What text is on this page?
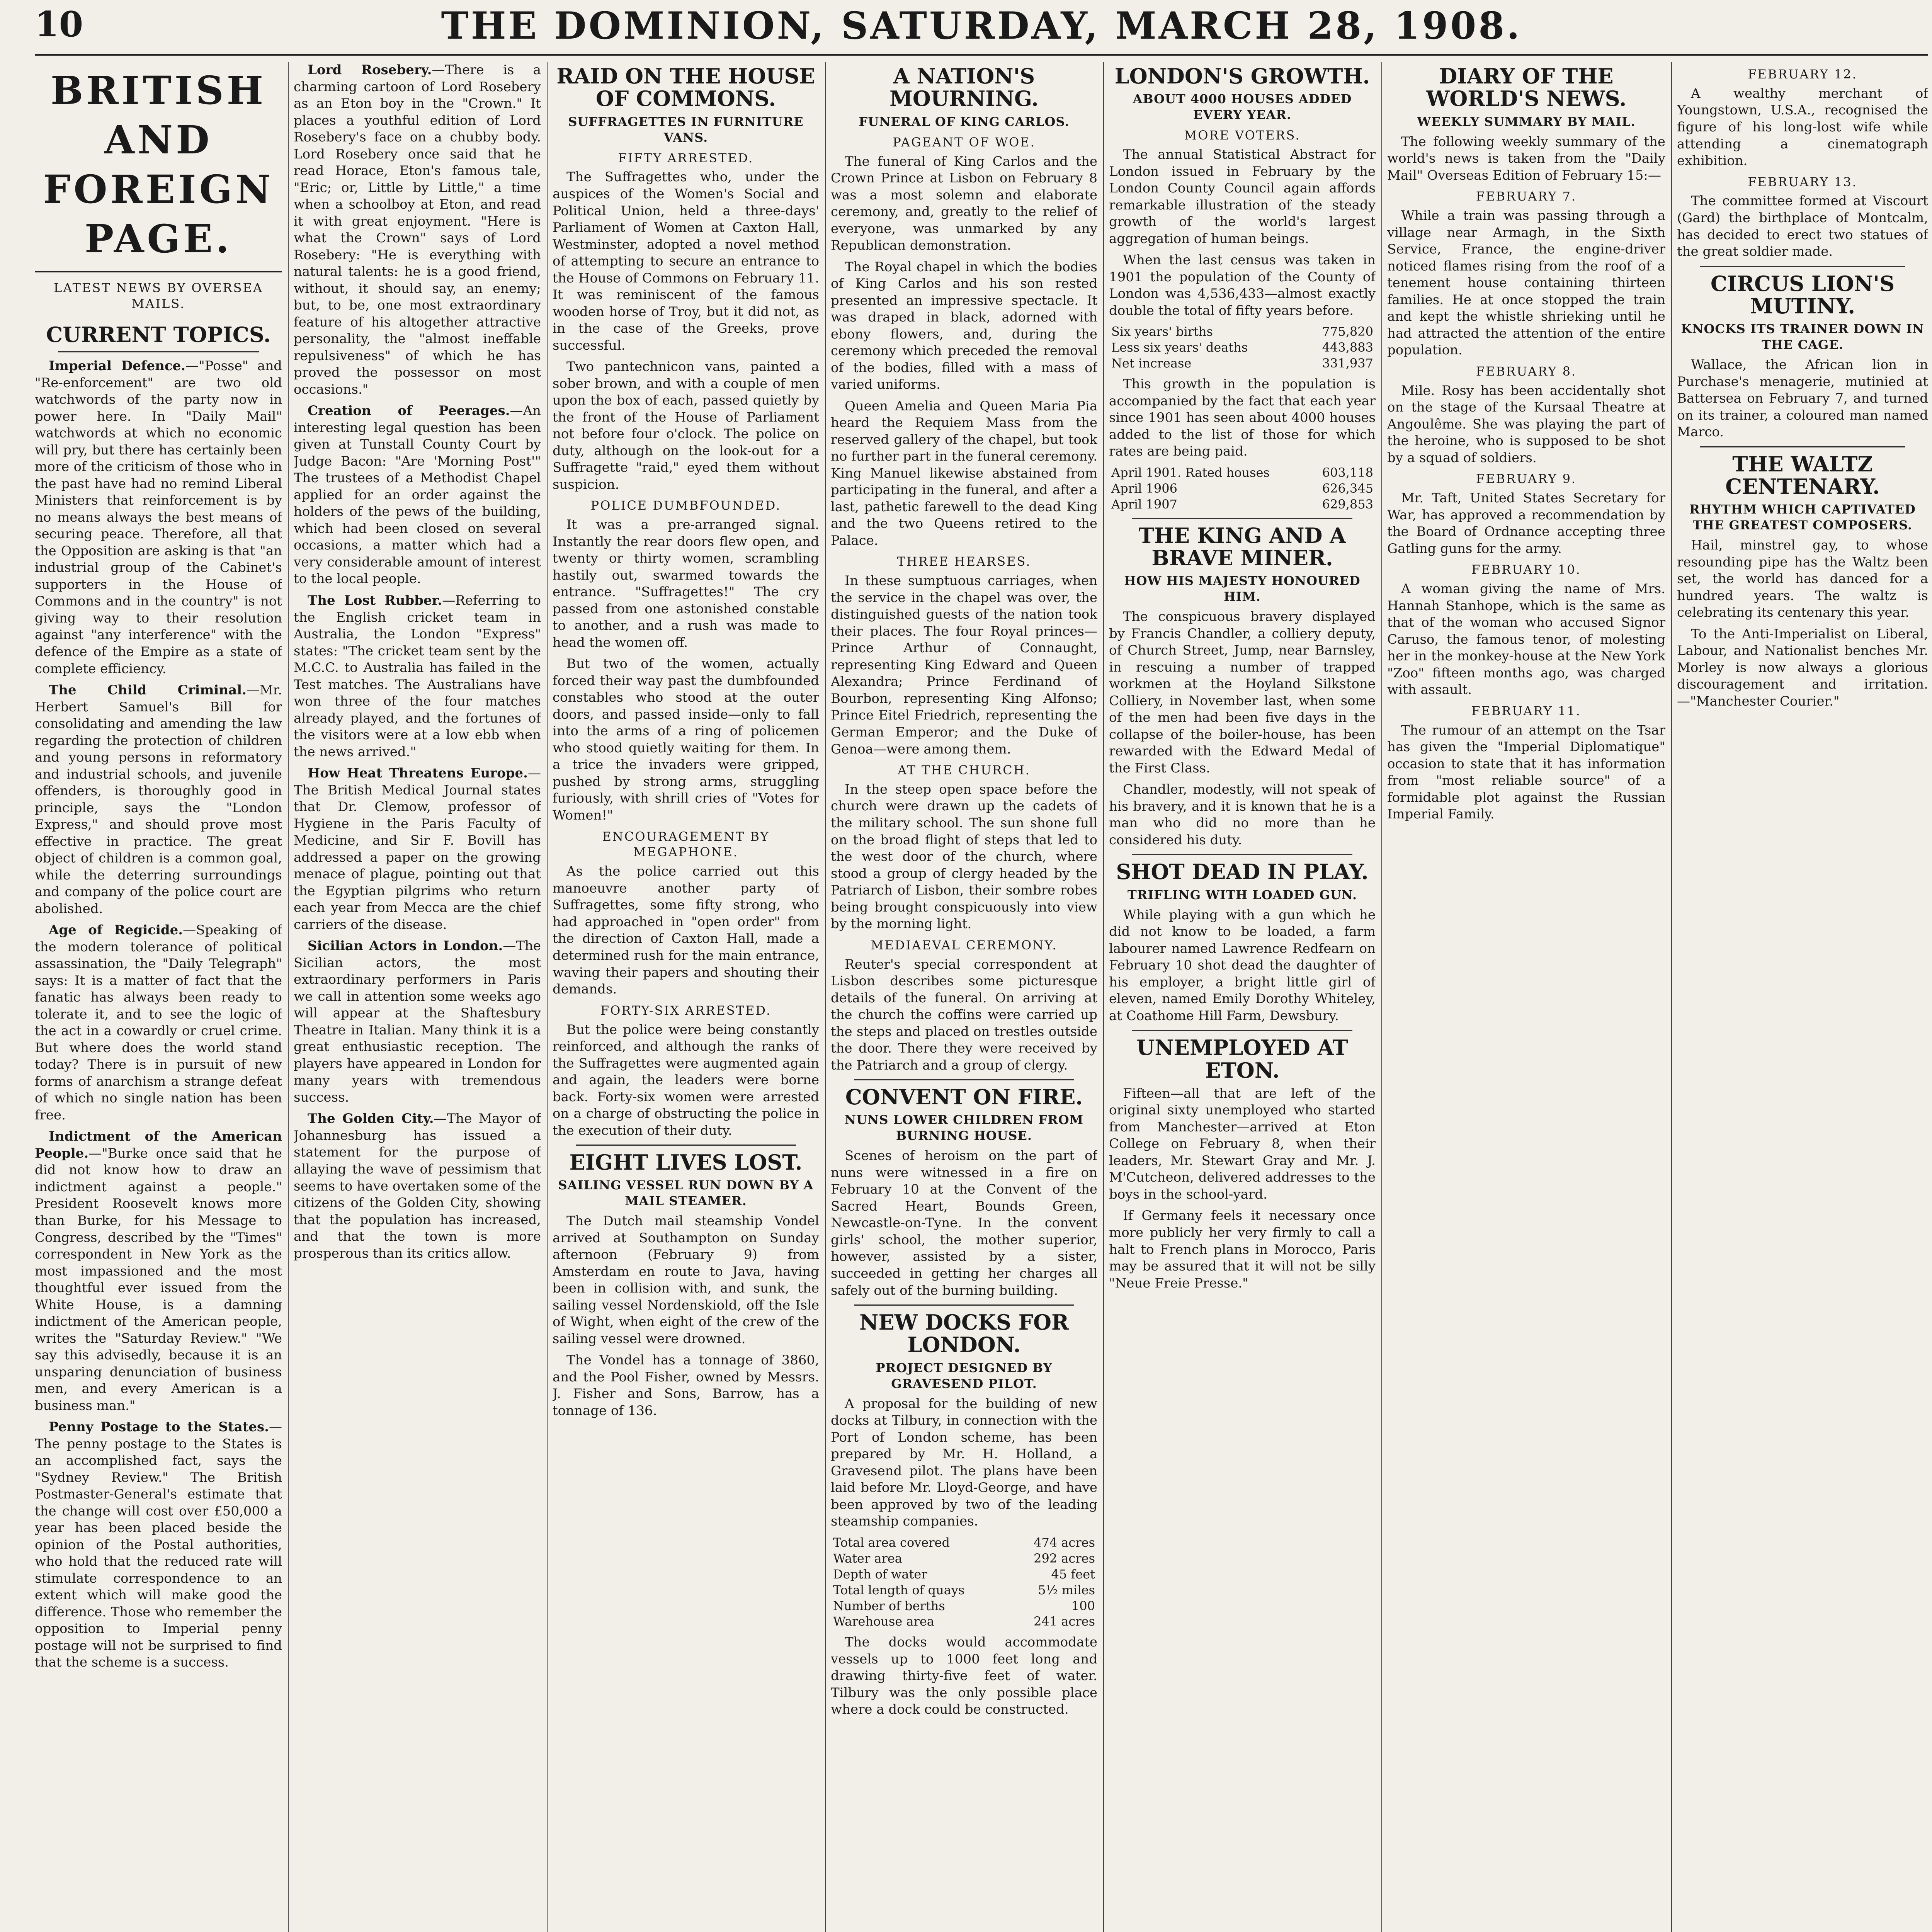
10	THE DOMINION, SATURDAY, MARCH 28, 1908.
BRITISH AND FOREIGN PAGE.
LATEST NEWS BY OVERSEA MAILS.
CURRENT TOPICS.

Imperial Defence.—"Posse" and "Re-enforcement" are two old watchwords of the party now in power here. In "Daily Mail" watchwords at which no economic will pry, but there has certainly been more of the criticism of those who in the past have had no remind Liberal Ministers that reinforcement is by no means always the best means of securing peace. Therefore, all that the Opposition are asking is that "an industrial group of the Cabinet's supporters in the House of Commons and in the country" is not giving way to their resolution against "any interference" with the defence of the Empire as a state of complete efficiency.

The Child Criminal.—Mr. Herbert Samuel's Bill for consolidating and amending the law regarding the protection of children and young persons in reformatory and industrial schools, and juvenile offenders, is thoroughly good in principle, says the "London Express," and should prove most effective in practice. The great object of children is a common goal, while the deterring surroundings and company of the police court are abolished.

Age of Regicide.—Speaking of the modern tolerance of political assassination, the "Daily Telegraph" says: It is a matter of fact that the fanatic has always been ready to tolerate it, and to see the logic of the act in a cowardly or cruel crime. But where does the world stand today? There is in pursuit of new forms of anarchism a strange defeat of which no single nation has been free.

Indictment of the American People.—"Burke once said that he did not know how to draw an indictment against a people." President Roosevelt knows more than Burke, for his Message to Congress, described by the "Times" correspondent in New York as the most impassioned and the most thoughtful ever issued from the White House, is a damning indictment of the American people, writes the "Saturday Review." "We say this advisedly, because it is an unsparing denunciation of business men, and every American is a business man."

Penny Postage to the States.—The penny postage to the States is an accomplished fact, says the "Sydney Review." The British Postmaster-General's estimate that the change will cost over £50,000 a year has been placed beside the opinion of the Postal authorities, who hold that the reduced rate will stimulate correspondence to an extent which will make good the difference. Those who remember the opposition to Imperial penny postage will not be surprised to find that the scheme is a success.

Lord Rosebery.—There is a charming cartoon of Lord Rosebery as an Eton boy in the "Crown." It places a youthful edition of Lord Rosebery's face on a chubby body. Lord Rosebery once said that he read Horace, Eton's famous tale, "Eric; or, Little by Little," a time when a schoolboy at Eton, and read it with great enjoyment. "Here is what the Crown" says of Lord Rosebery: "He is everything with natural talents: he is a good friend, without, it should say, an enemy; but, to be, one most extraordinary feature of his altogether attractive personality, the "almost ineffable repulsiveness" of which he has proved the possessor on most occasions."

Creation of Peerages.—An interesting legal question has been given at Tunstall County Court by Judge Bacon: "Are 'Morning Post'" The trustees of a Methodist Chapel applied for an order against the holders of the pews of the building, which had been closed on several occasions, a matter which had a very considerable amount of interest to the local people.

The Lost Rubber.—Referring to the English cricket team in Australia, the London "Express" states: "The cricket team sent by the M.C.C. to Australia has failed in the Test matches. The Australians have won three of the four matches already played, and the fortunes of the visitors were at a low ebb when the news arrived."

How Heat Threatens Europe.—The British Medical Journal states that Dr. Clemow, professor of Hygiene in the Paris Faculty of Medicine, and Sir F. Bovill has addressed a paper on the growing menace of plague, pointing out that the Egyptian pilgrims who return each year from Mecca are the chief carriers of the disease.

Sicilian Actors in London.—The Sicilian actors, the most extraordinary performers in Paris we call in attention some weeks ago will appear at the Shaftesbury Theatre in Italian. Many think it is a great enthusiastic reception. The players have appeared in London for many years with tremendous success.

The Golden City.—The Mayor of Johannesburg has issued a statement for the purpose of allaying the wave of pessimism that seems to have overtaken some of the citizens of the Golden City, showing that the population has increased, and that the town is more prosperous than its critics allow.

RAID ON THE HOUSE OF COMMONS.
SUFFRAGETTES IN FURNITURE VANS.
FIFTY ARRESTED.

The Suffragettes who, under the auspices of the Women's Social and Political Union, held a three-days' Parliament of Women at Caxton Hall, Westminster, adopted a novel method of attempting to secure an entrance to the House of Commons on February 11. It was reminiscent of the famous wooden horse of Troy, but it did not, as in the case of the Greeks, prove successful.

Two pantechnicon vans, painted a sober brown, and with a couple of men upon the box of each, passed quietly by the front of the House of Parliament not before four o'clock. The police on duty, although on the look-out for a Suffragette "raid," eyed them without suspicion.

POLICE DUMBFOUNDED.

It was a pre-arranged signal. Instantly the rear doors flew open, and twenty or thirty women, scrambling hastily out, swarmed towards the entrance. "Suffragettes!" The cry passed from one astonished constable to another, and a rush was made to head the women off.

But two of the women, actually forced their way past the dumbfounded constables who stood at the outer doors, and passed inside—only to fall into the arms of a ring of policemen who stood quietly waiting for them. In a trice the invaders were gripped, pushed by strong arms, struggling furiously, with shrill cries of "Votes for Women!"

ENCOURAGEMENT BY MEGAPHONE.

As the police carried out this manoeuvre another party of Suffragettes, some fifty strong, who had approached in "open order" from the direction of Caxton Hall, made a determined rush for the main entrance, waving their papers and shouting their demands.

FORTY-SIX ARRESTED.

But the police were being constantly reinforced, and although the ranks of the Suffragettes were augmented again and again, the leaders were borne back. Forty-six women were arrested on a charge of obstructing the police in the execution of their duty.

EIGHT LIVES LOST.
SAILING VESSEL RUN DOWN BY A MAIL STEAMER.

The Dutch mail steamship Vondel arrived at Southampton on Sunday afternoon (February 9) from Amsterdam en route to Java, having been in collision with, and sunk, the sailing vessel Nordenskiold, off the Isle of Wight, when eight of the crew of the sailing vessel were drowned.

The Vondel has a tonnage of 3860, and the Pool Fisher, owned by Messrs. J. Fisher and Sons, Barrow, has a tonnage of 136.

A NATION'S MOURNING.
FUNERAL OF KING CARLOS.
PAGEANT OF WOE.

The funeral of King Carlos and the Crown Prince at Lisbon on February 8 was a most solemn and elaborate ceremony, and, greatly to the relief of everyone, was unmarked by any Republican demonstration.

The Royal chapel in which the bodies of King Carlos and his son rested presented an impressive spectacle. It was draped in black, adorned with ebony flowers, and, during the ceremony which preceded the removal of the bodies, filled with a mass of varied uniforms.

Queen Amelia and Queen Maria Pia heard the Requiem Mass from the reserved gallery of the chapel, but took no further part in the funeral ceremony. King Manuel likewise abstained from participating in the funeral, and after a last, pathetic farewell to the dead King and the two Queens retired to the Palace.

THREE HEARSES.

In these sumptuous carriages, when the service in the chapel was over, the distinguished guests of the nation took their places. The four Royal princes—Prince Arthur of Connaught, representing King Edward and Queen Alexandra; Prince Ferdinand of Bourbon, representing King Alfonso; Prince Eitel Friedrich, representing the German Emperor; and the Duke of Genoa—were among them.

AT THE CHURCH.

In the steep open space before the church were drawn up the cadets of the military school. The sun shone full on the broad flight of steps that led to the west door of the church, where stood a group of clergy headed by the Patriarch of Lisbon, their sombre robes being brought conspicuously into view by the morning light.

MEDIAEVAL CEREMONY.

Reuter's special correspondent at Lisbon describes some picturesque details of the funeral. On arriving at the church the coffins were carried up the steps and placed on trestles outside the door. There they were received by the Patriarch and a group of clergy.

CONVENT ON FIRE.
NUNS LOWER CHILDREN FROM BURNING HOUSE.

Scenes of heroism on the part of nuns were witnessed in a fire on February 10 at the Convent of the Sacred Heart, Bounds Green, Newcastle-on-Tyne. In the convent girls' school, the mother superior, however, assisted by a sister, succeeded in getting her charges all safely out of the burning building.

NEW DOCKS FOR LONDON.
PROJECT DESIGNED BY GRAVESEND PILOT.

A proposal for the building of new docks at Tilbury, in connection with the Port of London scheme, has been prepared by Mr. H. Holland, a Gravesend pilot. The plans have been laid before Mr. Lloyd-George, and have been approved by two of the leading steamship companies.

Total area covered	474 acres
Water area	292 acres
Depth of water	45 feet
Total length of quays	5½ miles
Number of berths	100
Warehouse area	241 acres

The docks would accommodate vessels up to 1000 feet long and drawing thirty-five feet of water. Tilbury was the only possible place where a dock could be constructed.

LONDON'S GROWTH.
ABOUT 4000 HOUSES ADDED EVERY YEAR.
MORE VOTERS.

The annual Statistical Abstract for London issued in February by the London County Council again affords remarkable illustration of the steady growth of the world's largest aggregation of human beings.

When the last census was taken in 1901 the population of the County of London was 4,536,433—almost exactly double the total of fifty years before.

Six years' births	775,820
Less six years' deaths	443,883
Net increase	331,937

This growth in the population is accompanied by the fact that each year since 1901 has seen about 4000 houses added to the list of those for which rates are being paid.

April 1901. Rated houses	603,118
April 1906	626,345
April 1907	629,853
THE KING AND A BRAVE MINER.
HOW HIS MAJESTY HONOURED HIM.

The conspicuous bravery displayed by Francis Chandler, a colliery deputy, of Church Street, Jump, near Barnsley, in rescuing a number of trapped workmen at the Hoyland Silkstone Colliery, in November last, when some of the men had been five days in the collapse of the boiler-house, has been rewarded with the Edward Medal of the First Class.

Chandler, modestly, will not speak of his bravery, and it is known that he is a man who did no more than he considered his duty.

SHOT DEAD IN PLAY.
TRIFLING WITH LOADED GUN.

While playing with a gun which he did not know to be loaded, a farm labourer named Lawrence Redfearn on February 10 shot dead the daughter of his employer, a bright little girl of eleven, named Emily Dorothy Whiteley, at Coathome Hill Farm, Dewsbury.

UNEMPLOYED AT ETON.

Fifteen—all that are left of the original sixty unemployed who started from Manchester—arrived at Eton College on February 8, when their leaders, Mr. Stewart Gray and Mr. J. M'Cutcheon, delivered addresses to the boys in the school-yard.

If Germany feels it necessary once more publicly her very firmly to call a halt to French plans in Morocco, Paris may be assured that it will not be silly "Neue Freie Presse."

DIARY OF THE WORLD'S NEWS.
WEEKLY SUMMARY BY MAIL.

The following weekly summary of the world's news is taken from the "Daily Mail" Overseas Edition of February 15:—

FEBRUARY 7.

While a train was passing through a village near Armagh, in the Sixth Service, France, the engine-driver noticed flames rising from the roof of a tenement house containing thirteen families. He at once stopped the train and kept the whistle shrieking until he had attracted the attention of the entire population.

FEBRUARY 8.

Mile. Rosy has been accidentally shot on the stage of the Kursaal Theatre at Angoulême. She was playing the part of the heroine, who is supposed to be shot by a squad of soldiers.

FEBRUARY 9.

Mr. Taft, United States Secretary for War, has approved a recommendation by the Board of Ordnance accepting three Gatling guns for the army.

FEBRUARY 10.

A woman giving the name of Mrs. Hannah Stanhope, which is the same as that of the woman who accused Signor Caruso, the famous tenor, of molesting her in the monkey-house at the New York "Zoo" fifteen months ago, was charged with assault.

FEBRUARY 11.

The rumour of an attempt on the Tsar has given the "Imperial Diplomatique" occasion to state that it has information from "most reliable source" of a formidable plot against the Russian Imperial Family.

FEBRUARY 12.

A wealthy merchant of Youngstown, U.S.A., recognised the figure of his long-lost wife while attending a cinematograph exhibition.

FEBRUARY 13.

The committee formed at Viscourt (Gard) the birthplace of Montcalm, has decided to erect two statues of the great soldier made.

CIRCUS LION'S MUTINY.
KNOCKS ITS TRAINER DOWN IN THE CAGE.

Wallace, the African lion in Purchase's menagerie, mutinied at Battersea on February 7, and turned on its trainer, a coloured man named Marco.

THE WALTZ CENTENARY.
RHYTHM WHICH CAPTIVATED THE GREATEST COMPOSERS.

Hail, minstrel gay, to whose resounding pipe has the Waltz been set, the world has danced for a hundred years. The waltz is celebrating its centenary this year.

To the Anti-Imperialist on Liberal, Labour, and Nationalist benches Mr. Morley is now always a glorious discouragement and irritation.—"Manchester Courier."
